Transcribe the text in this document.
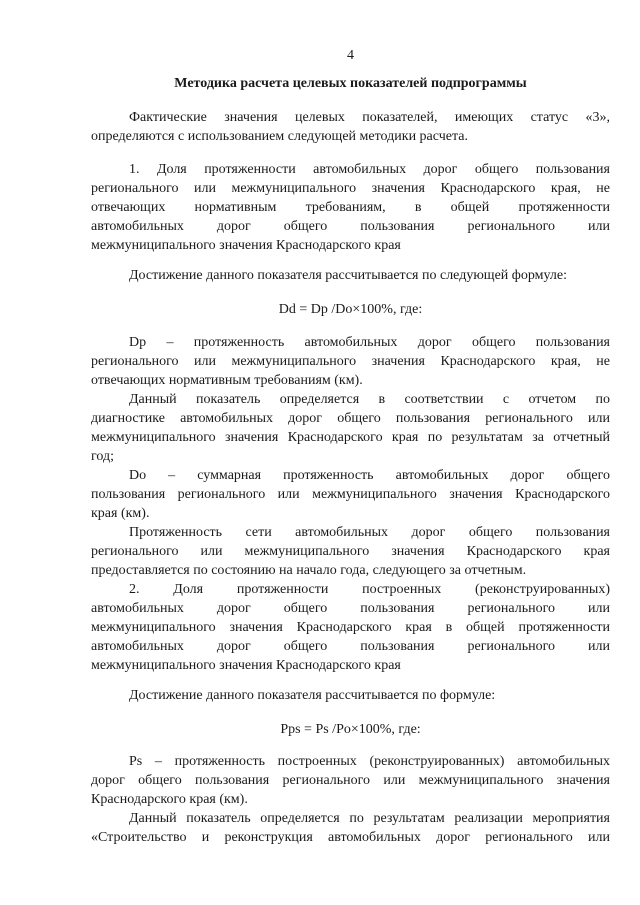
4
Методика расчета целевых показателей подпрограммы
Фактические значения целевых показателей, имеющих статус «3»,
определяются с использованием следующей методики расчета.
1. Доля протяженности автомобильных дорог общего пользования
регионального или межмуниципального значения Краснодарского края, не
отвечающих нормативным требованиям, в общей протяженности
автомобильных дорог общего пользования регионального или
межмуниципального значения Краснодарского края
Достижение данного показателя рассчитывается по следующей формуле:
Dd = Dp /Do×100%, где:
Dp – протяженность автомобильных дорог общего пользования
регионального или межмуниципального значения Краснодарского края, не
отвечающих нормативным требованиям (км).
Данный показатель определяется в соответствии с отчетом по
диагностике автомобильных дорог общего пользования регионального или
межмуниципального значения Краснодарского края по результатам за отчетный
год;
Do – суммарная протяженность автомобильных дорог общего
пользования регионального или межмуниципального значения Краснодарского
края (км).
Протяженность сети автомобильных дорог общего пользования
регионального или межмуниципального значения Краснодарского края
предоставляется по состоянию на начало года, следующего за отчетным.
2. Доля протяженности построенных (реконструированных)
автомобильных дорог общего пользования регионального или
межмуниципального значения Краснодарского края в общей протяженности
автомобильных дорог общего пользования регионального или
межмуниципального значения Краснодарского края
Достижение данного показателя рассчитывается по формуле:
Pps = Ps /Po×100%, где:
Ps – протяженность построенных (реконструированных) автомобильных
дорог общего пользования регионального или межмуниципального значения
Краснодарского края (км).
Данный показатель определяется по результатам реализации мероприятия
«Строительство и реконструкция автомобильных дорог регионального или
